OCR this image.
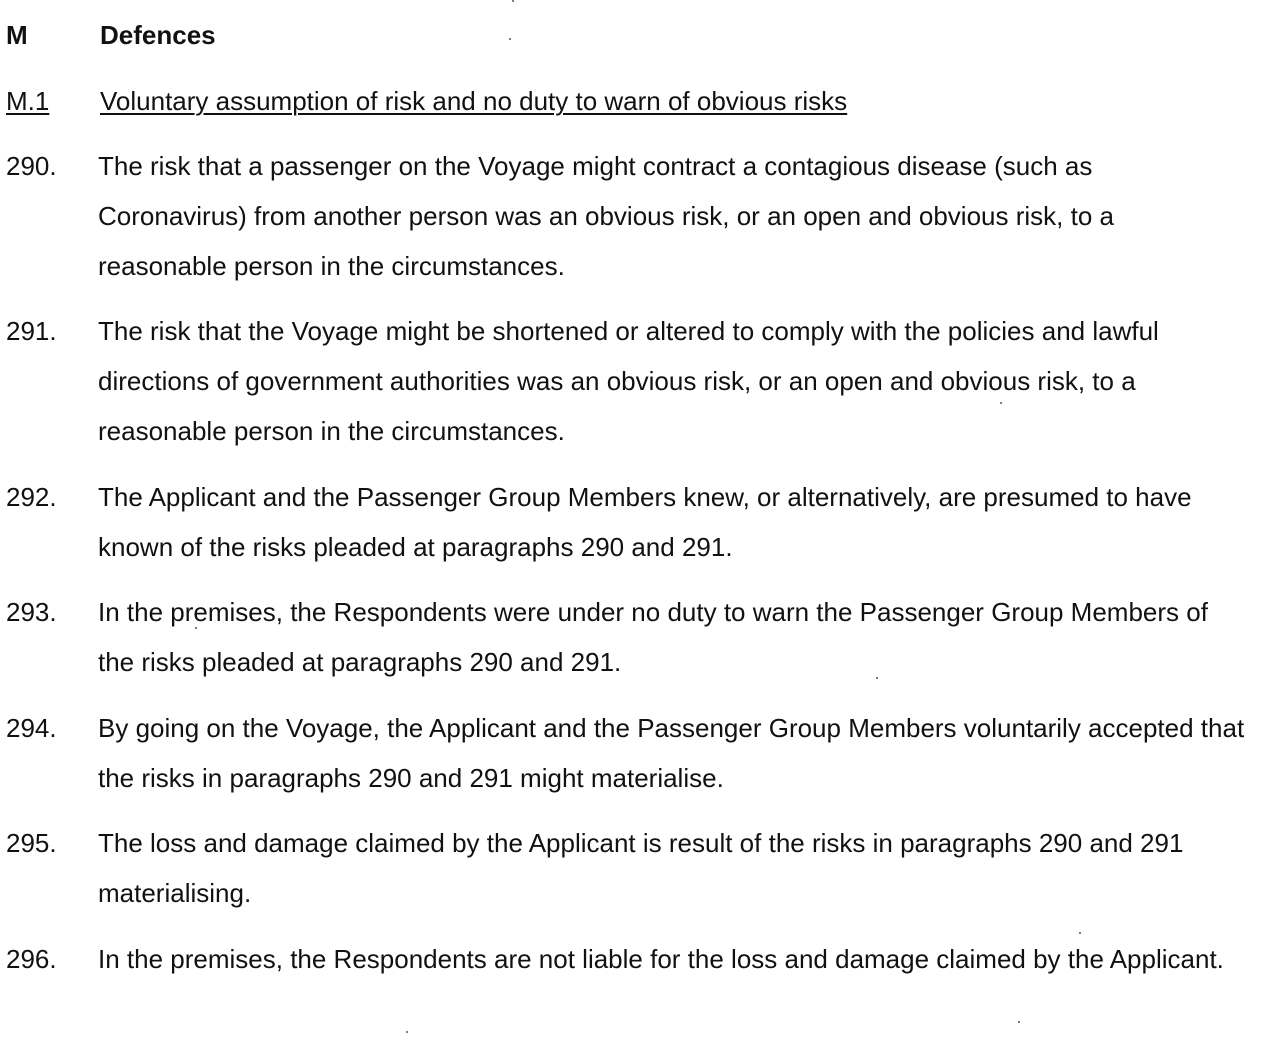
M	Defences
M.1 Voluntary assumption of risk and no duty to warn of obvious risks
290. The risk that a passenger on the Voyage might contract a contagious disease (such as Coronavirus) from another person was an obvious risk, or an open and obvious risk, to a reasonable person in the circumstances.
291. The risk that the Voyage might be shortened or altered to comply with the policies and lawful directions of government authorities was an obvious risk, or an open and obvious risk, to a reasonable person in the circumstances.
292. The Applicant and the Passenger Group Members knew, or alternatively, are presumed to have known of the risks pleaded at paragraphs 290 and 291.
293. In the premises, the Respondents were under no duty to warn the Passenger Group Members of the risks pleaded at paragraphs 290 and 291.
294. By going on the Voyage, the Applicant and the Passenger Group Members voluntarily accepted that the risks in paragraphs 290 and 291 might materialise.
295. The loss and damage claimed by the Applicant is result of the risks in paragraphs 290 and 291 materialising.
296. In the premises, the Respondents are not liable for the loss and damage claimed by the Applicant.
